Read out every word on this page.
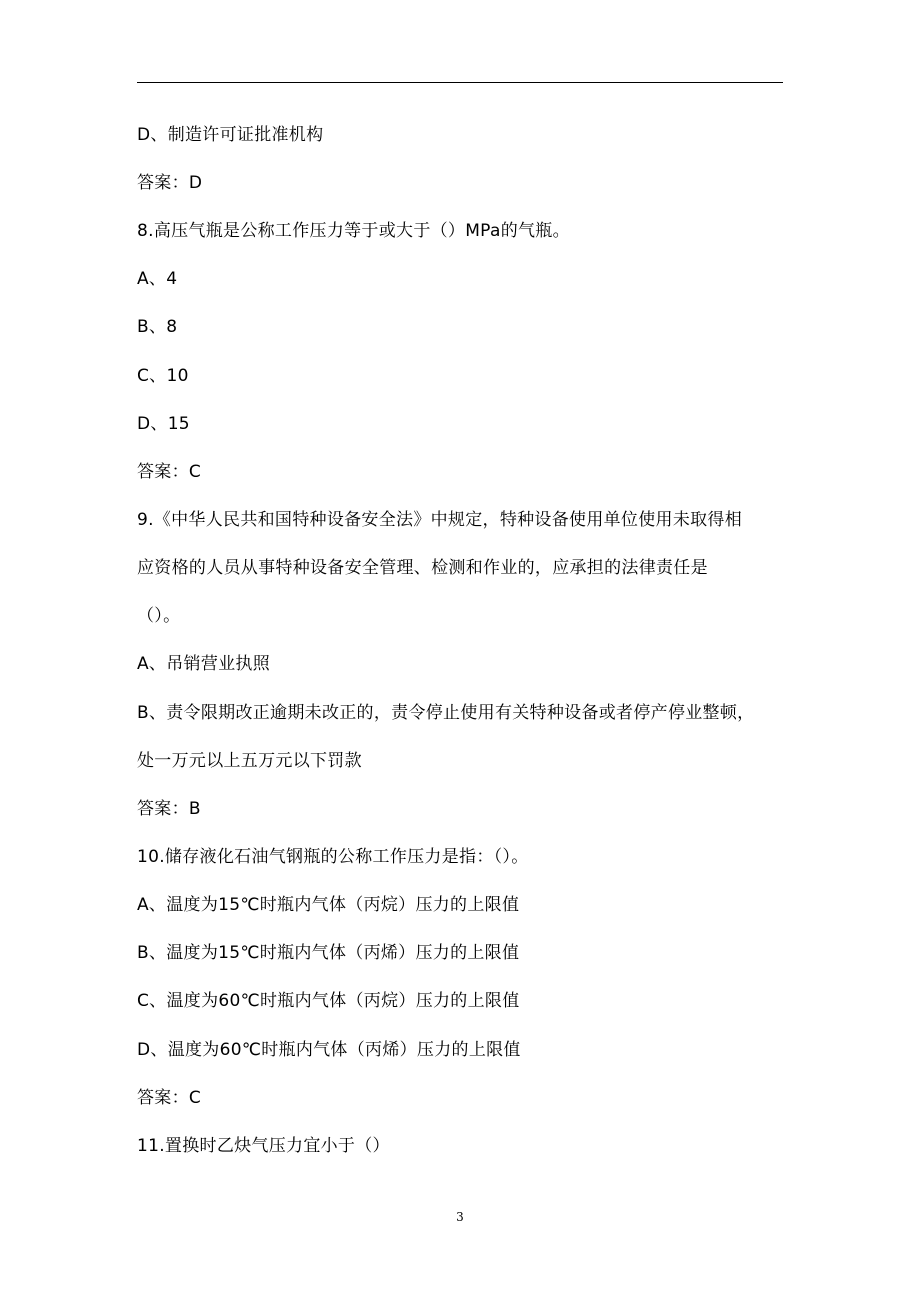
D、制造许可证批准机构
答案：D
8.高压气瓶是公称工作压力等于或大于（）MPa的气瓶。
A、4
B、8
C、10
D、15
答案：C
9.《中华人民共和国特种设备安全法》中规定，特种设备使用单位使用未取得相
应资格的人员从事特种设备安全管理、检测和作业的，应承担的法律责任是
（）。
A、吊销营业执照
B、责令限期改正逾期未改正的，责令停止使用有关特种设备或者停产停业整顿，
处一万元以上五万元以下罚款
答案：B
10.储存液化石油气钢瓶的公称工作压力是指：（）。
A、温度为15℃时瓶内气体（丙烷）压力的上限值
B、温度为15℃时瓶内气体（丙烯）压力的上限值
C、温度为60℃时瓶内气体（丙烷）压力的上限值
D、温度为60℃时瓶内气体（丙烯）压力的上限值
答案：C
11.置换时乙炔气压力宜小于（）
3
